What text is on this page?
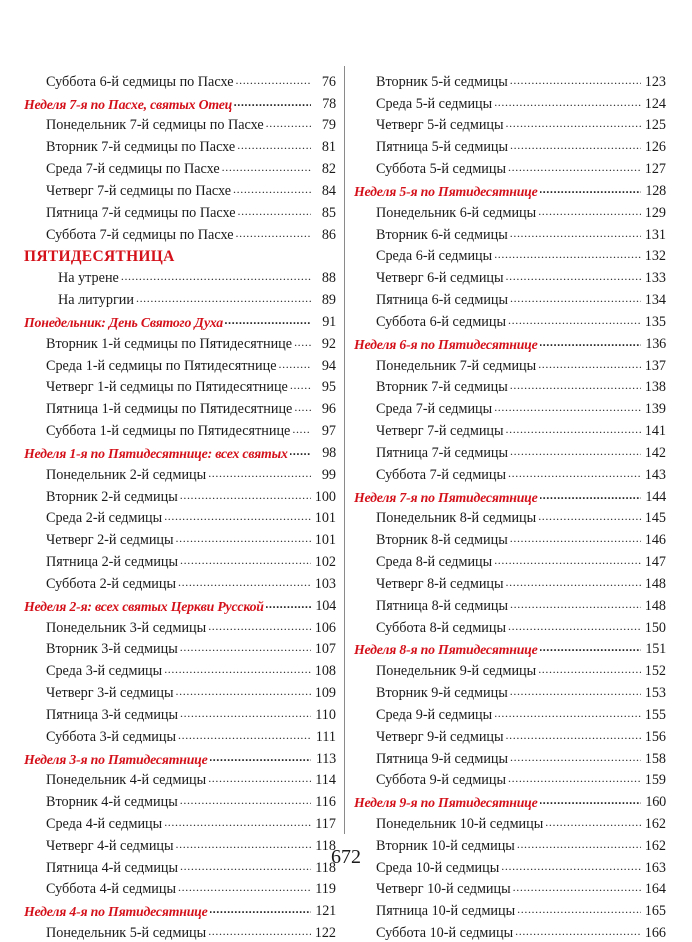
Суббота 6-й седмицы по Пасхе .....	76
Неделя 7-я по Пасхе, святых Отец .....	78
Понедельник 7-й седмицы по Пасхе .....	79
Вторник 7-й седмицы по Пасхе .....	81
Среда 7-й седмицы по Пасхе .....	82
Четверг 7-й седмицы по Пасхе .....	84
Пятница 7-й седмицы по Пасхе .....	85
Суббота 7-й седмицы по Пасхе .....	86
ПЯТИДЕСЯТНИЦА
На утрене .....	88
На литургии .....	89
Понедельник: День Святого Духа .....	91
Вторник 1-й седмицы по Пятидесятнице .....	92
Среда 1-й седмицы по Пятидесятнице .....	94
Четверг 1-й седмицы по Пятидесятнице .....	95
Пятница 1-й седмицы по Пятидесятнице .....	96
Суббота 1-й седмицы по Пятидесятнице .....	97
Неделя 1-я по Пятидесятнице: всех святых .....	98
Понедельник 2-й седмицы .....	99
Вторник 2-й седмицы .....	100
Среда 2-й седмицы .....	101
Четверг 2-й седмицы .....	101
Пятница 2-й седмицы .....	102
Суббота 2-й седмицы .....	103
Неделя 2-я: всех святых Церкви Русской .....	104
Понедельник 3-й седмицы .....	106
Вторник 3-й седмицы .....	107
Среда 3-й седмицы .....	108
Четверг 3-й седмицы .....	109
Пятница 3-й седмицы .....	110
Суббота 3-й седмицы .....	111
Неделя 3-я по Пятидесятнице .....	113
Понедельник 4-й седмицы .....	114
Вторник 4-й седмицы .....	116
Среда 4-й седмицы .....	117
Четверг 4-й седмицы .....	118
Пятница 4-й седмицы .....	118
Суббота 4-й седмицы .....	119
Неделя 4-я по Пятидесятнице .....	121
Понедельник 5-й седмицы .....	122
Вторник 5-й седмицы .....	123
Среда 5-й седмицы .....	124
Четверг 5-й седмицы .....	125
Пятница 5-й седмицы .....	126
Суббота 5-й седмицы .....	127
Неделя 5-я по Пятидесятнице .....	128
Понедельник 6-й седмицы .....	129
Вторник 6-й седмицы .....	131
Среда 6-й седмицы .....	132
Четверг 6-й седмицы .....	133
Пятница 6-й седмицы .....	134
Суббота 6-й седмицы .....	135
Неделя 6-я по Пятидесятнице .....	136
Понедельник 7-й седмицы .....	137
Вторник 7-й седмицы .....	138
Среда 7-й седмицы .....	139
Четверг 7-й седмицы .....	141
Пятница 7-й седмицы .....	142
Суббота 7-й седмицы .....	143
Неделя 7-я по Пятидесятнице .....	144
Понедельник 8-й седмицы .....	145
Вторник 8-й седмицы .....	146
Среда 8-й седмицы .....	147
Четверг 8-й седмицы .....	148
Пятница 8-й седмицы .....	148
Суббота 8-й седмицы .....	150
Неделя 8-я по Пятидесятнице .....	151
Понедельник 9-й седмицы .....	152
Вторник 9-й седмицы .....	153
Среда 9-й седмицы .....	155
Четверг 9-й седмицы .....	156
Пятница 9-й седмицы .....	158
Суббота 9-й седмицы .....	159
Неделя 9-я по Пятидесятнице .....	160
Понедельник 10-й седмицы .....	162
Вторник 10-й седмицы .....	162
Среда 10-й седмицы .....	163
Четверг 10-й седмицы .....	164
Пятница 10-й седмицы .....	165
Суббота 10-й седмицы .....	166
672
